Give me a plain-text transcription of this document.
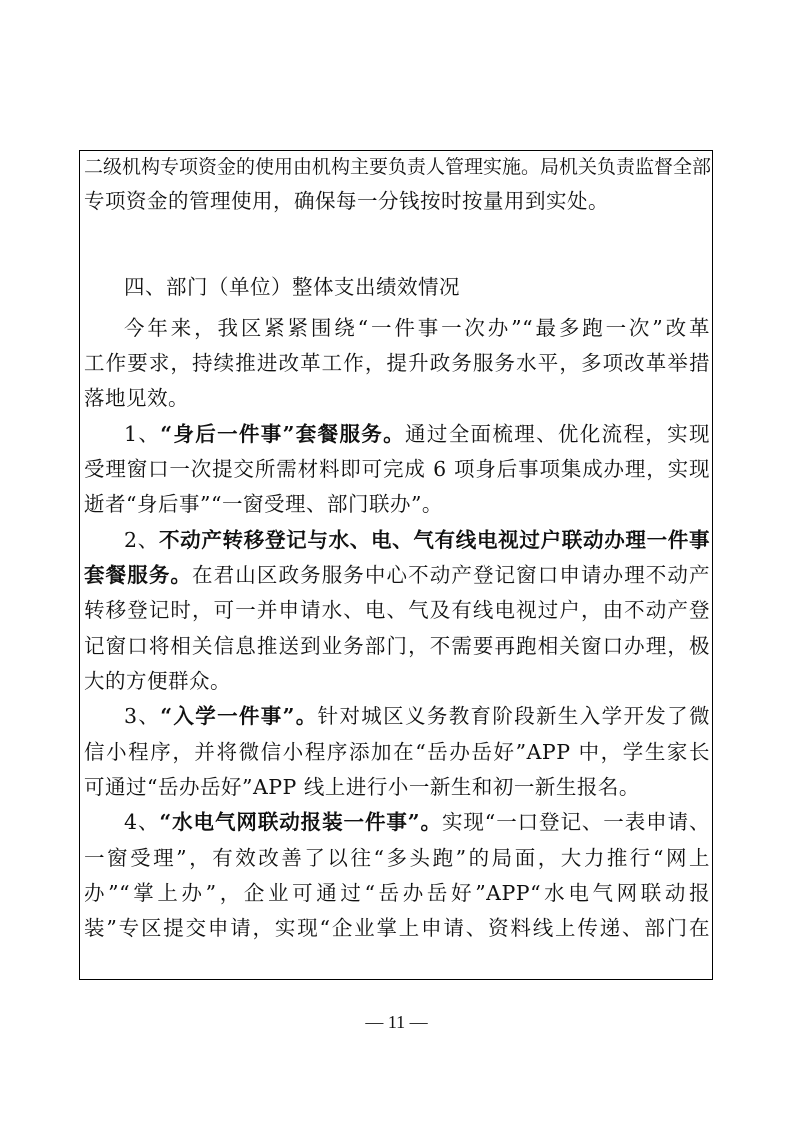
二级机构专项资金的使用由机构主要负责人管理实施。局机关负责监督全部
专项资金的管理使用，确保每一分钱按时按量用到实处。
四、部门（单位）整体支出绩效情况
今年来，我区紧紧围绕“一件事一次办”“最多跑一次”改革
工作要求，持续推进改革工作，提升政务服务水平，多项改革举措
落地见效。
1、“身后一件事”套餐服务。通过全面梳理、优化流程，实现
受理窗口一次提交所需材料即可完成 6 项身后事项集成办理，实现
逝者“身后事”“一窗受理、部门联办”。
2、不动产转移登记与水、电、气有线电视过户联动办理一件事
套餐服务。在君山区政务服务中心不动产登记窗口申请办理不动产
转移登记时，可一并申请水、电、气及有线电视过户，由不动产登
记窗口将相关信息推送到业务部门，不需要再跑相关窗口办理，极
大的方便群众。
3、“入学一件事”。针对城区义务教育阶段新生入学开发了微
信小程序，并将微信小程序添加在“岳办岳好”APP 中，学生家长
可通过“岳办岳好”APP 线上进行小一新生和初一新生报名。
4、“水电气网联动报装一件事”。实现“一口登记、一表申请、
一窗受理”，有效改善了以往“多头跑”的局面，大力推行“网上
办”“掌上办”，企业可通过“岳办岳好”APP“水电气网联动报
装”专区提交申请，实现“企业掌上申请、资料线上传递、部门在
— 11 —
